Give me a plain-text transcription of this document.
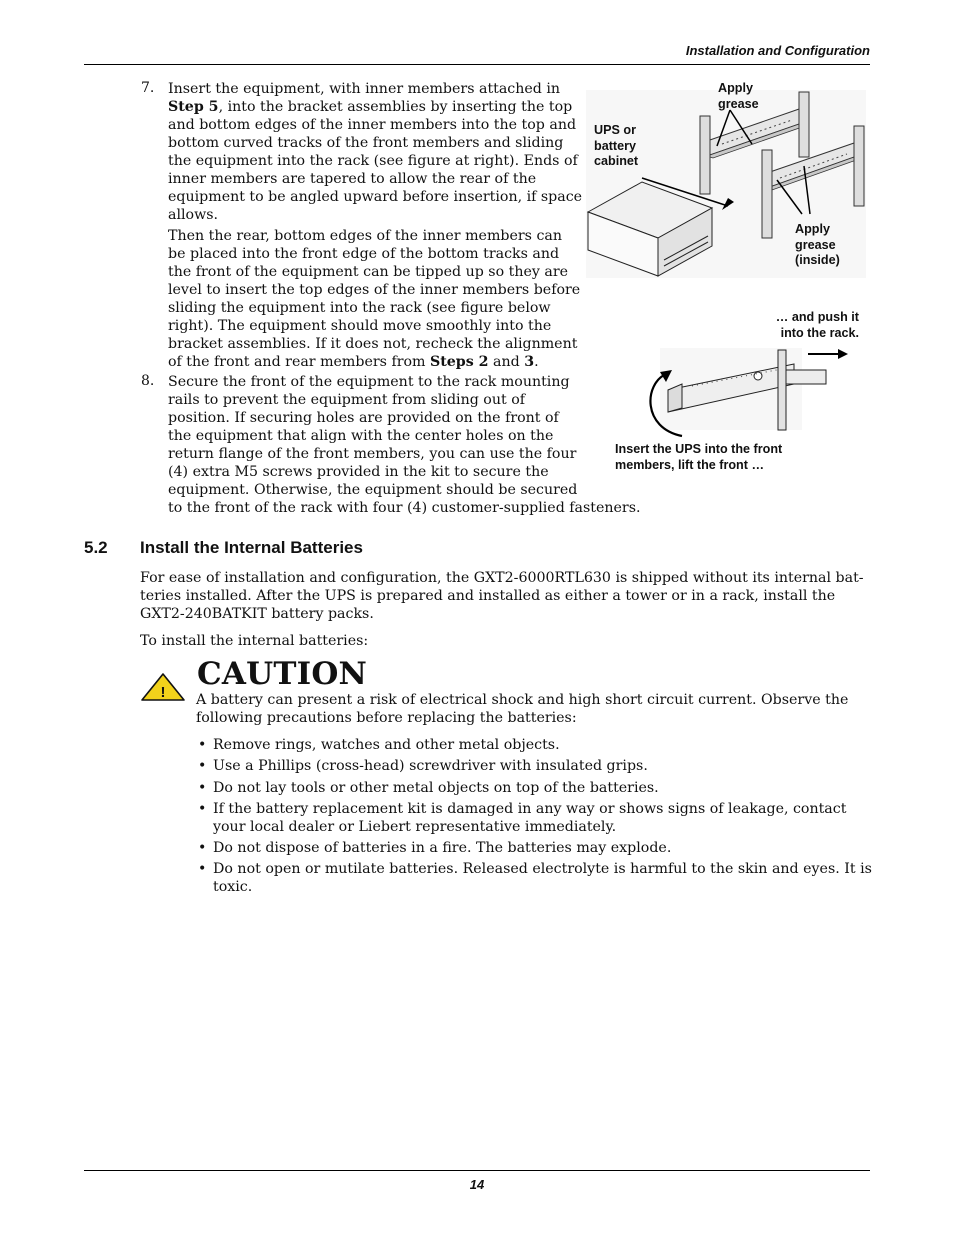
Installation and Configuration
7. Insert the equipment, with inner members attached in
Step 5, into the bracket assemblies by inserting the top
and bottom edges of the inner members into the top and
bottom curved tracks of the front members and sliding
the equipment into the rack (see figure at right). Ends of
inner members are tapered to allow the rear of the
equipment to be angled upward before insertion, if space
allows.

Then the rear, bottom edges of the inner members can
be placed into the front edge of the bottom tracks and
the front of the equipment can be tipped up so they are
level to insert the top edges of the inner members before
sliding the equipment into the rack (see figure below
right). The equipment should move smoothly into the
bracket assemblies. If it does not, recheck the alignment
of the front and rear members from Steps 2 and 3.

8. Secure the front of the equipment to the rack mounting
rails to prevent the equipment from sliding out of
position. If securing holes are provided on the front of
the equipment that align with the center holes on the
return flange of the front members, you can use the four
(4) extra M5 screws provided in the kit to secure the
equipment. Otherwise, the equipment should be secured
to the front of the rack with four (4) customer-supplied fasteners.

Apply
grease
UPS or
battery
cabinet
Apply
grease
(inside)
… and push it
into the rack.
Insert the UPS into the front
members, lift the front …
5.2 Install the Internal Batteries

For ease of installation and configuration, the GXT2-6000RTL630 is shipped without its internal bat-
teries installed. After the UPS is prepared and installed as either a tower or in a rack, install the
GXT2-240BATKIT battery packs.

To install the internal batteries:

!
CAUTION

A battery can present a risk of electrical shock and high short circuit current. Observe the
following precautions before replacing the batteries:

• Remove rings, watches and other metal objects.
• Use a Phillips (cross-head) screwdriver with insulated grips.
• Do not lay tools or other metal objects on top of the batteries.
• If the battery replacement kit is damaged in any way or shows signs of leakage, contact
your local dealer or Liebert representative immediately.
• Do not dispose of batteries in a fire. The batteries may explode.
• Do not open or mutilate batteries. Released electrolyte is harmful to the skin and eyes. It is
toxic.
14
